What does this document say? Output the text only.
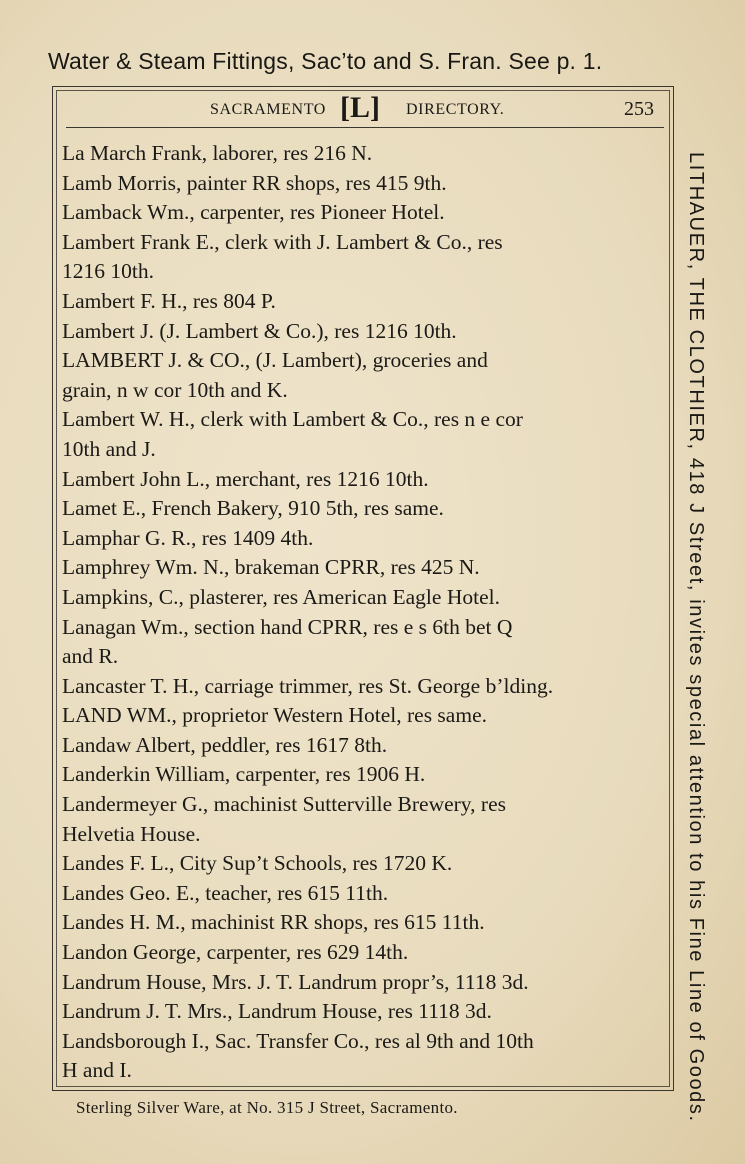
Water & Steam Fittings, Sac’to and S. Fran. See p. 1.
SACRAMENTO [L] DIRECTORY.	253
La March Frank, laborer, res 216 N.
Lamb Morris, painter RR shops, res 415 9th.
Lamback Wm., carpenter, res Pioneer Hotel.
Lambert Frank E., clerk with J. Lambert & Co., res
1216 10th.
Lambert F. H., res 804 P.
Lambert J. (J. Lambert & Co.), res 1216 10th.
LAMBERT J. & CO., (J. Lambert), groceries and
grain, n w cor 10th and K.
Lambert W. H., clerk with Lambert & Co., res n e cor
10th and J.
Lambert John L., merchant, res 1216 10th.
Lamet E., French Bakery, 910 5th, res same.
Lamphar G. R., res 1409 4th.
Lamphrey Wm. N., brakeman CPRR, res 425 N.
Lampkins, C., plasterer, res American Eagle Hotel.
Lanagan Wm., section hand CPRR, res e s 6th bet Q
and R.
Lancaster T. H., carriage trimmer, res St. George b’lding.
LAND WM., proprietor Western Hotel, res same.
Landaw Albert, peddler, res 1617 8th.
Landerkin William, carpenter, res 1906 H.
Landermeyer G., machinist Sutterville Brewery, res
Helvetia House.
Landes F. L., City Sup’t Schools, res 1720 K.
Landes Geo. E., teacher, res 615 11th.
Landes H. M., machinist RR shops, res 615 11th.
Landon George, carpenter, res 629 14th.
Landrum House, Mrs. J. T. Landrum propr’s, 1118 3d.
Landrum J. T. Mrs., Landrum House, res 1118 3d.
Landsborough I., Sac. Transfer Co., res al 9th and 10th
H and I.	LITHAUER, THE CLOTHIER, 418 J Street, invites special attention to his Fine Line of Goods.
Sterling Silver Ware, at No. 315 J Street, Sacramento.
